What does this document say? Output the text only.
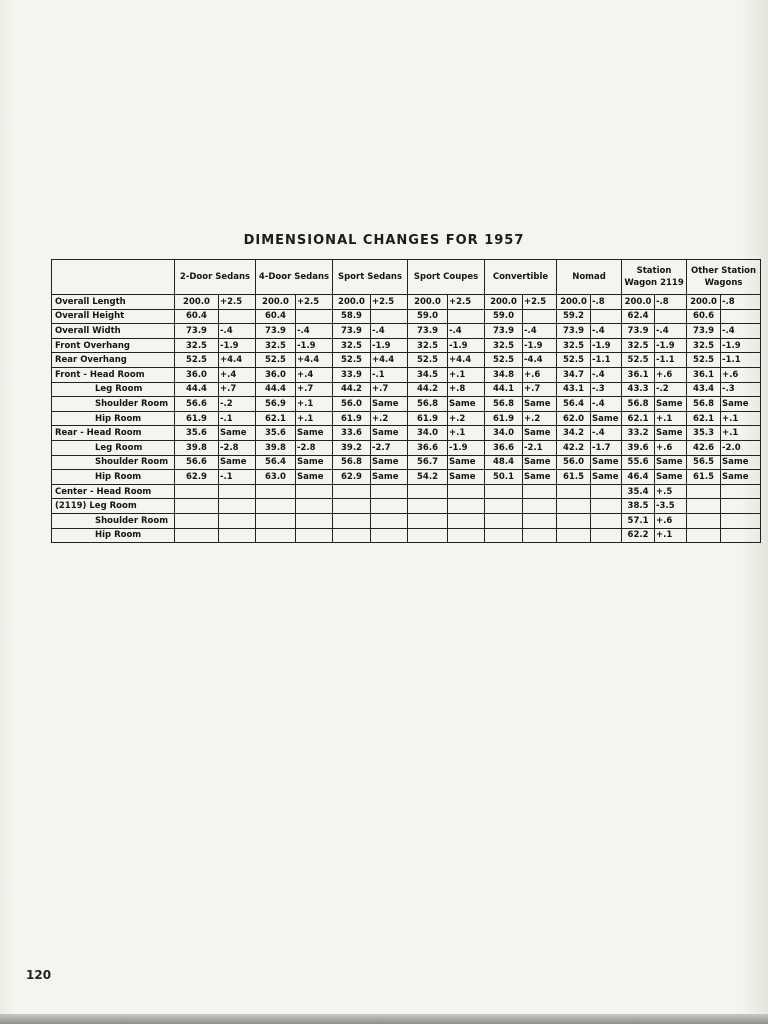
DIMENSIONAL CHANGES FOR 1957
	2-Door Sedans		4-Door Sedans		Sport Sedans		Sport Coupes		Convertible		Nomad		Station Wagon 2119		Other Station Wagons	
Overall Length	200.0	+2.5	200.0	+2.5	200.0	+2.5	200.0	+2.5	200.0	+2.5	200.0	-.8	200.0	-.8	200.0	-.8
Overall Height	60.4		60.4		58.9		59.0		59.0		59.2		62.4		60.6	
Overall Width	73.9	-.4	73.9	-.4	73.9	-.4	73.9	-.4	73.9	-.4	73.9	-.4	73.9	-.4	73.9	-.4
Front Overhang	32.5	-1.9	32.5	-1.9	32.5	-1.9	32.5	-1.9	32.5	-1.9	32.5	-1.9	32.5	-1.9	32.5	-1.9
Rear Overhang	52.5	+4.4	52.5	+4.4	52.5	+4.4	52.5	+4.4	52.5	-4.4	52.5	-1.1	52.5	-1.1	52.5	-1.1
Front - Head Room	36.0	+.4	36.0	+.4	33.9	-.1	34.5	+.1	34.8	+.6	34.7	-.4	36.1	+.6	36.1	+.6
Leg Room	44.4	+.7	44.4	+.7	44.2	+.7	44.2	+.8	44.1	+.7	43.1	-.3	43.3	-.2	43.4	-.3
Shoulder Room	56.6	-.2	56.9	+.1	56.0	Same	56.8	Same	56.8	Same	56.4	-.4	56.8	Same	56.8	Same
Hip Room	61.9	-.1	62.1	+.1	61.9	+.2	61.9	+.2	61.9	+.2	62.0	Same	62.1	+.1	62.1	+.1
Rear - Head Room	35.6	Same	35.6	Same	33.6	Same	34.0	+.1	34.0	Same	34.2	-.4	33.2	Same	35.3	+.1
Leg Room	39.8	-2.8	39.8	-2.8	39.2	-2.7	36.6	-1.9	36.6	-2.1	42.2	-1.7	39.6	+.6	42.6	-2.0
Shoulder Room	56.6	Same	56.4	Same	56.8	Same	56.7	Same	48.4	Same	56.0	Same	55.6	Same	56.5	Same
Hip Room	62.9	-.1	63.0	Same	62.9	Same	54.2	Same	50.1	Same	61.5	Same	46.4	Same	61.5	Same
Center - Head Room													35.4	+.5		
(2119) Leg Room													38.5	-3.5		
Shoulder Room													57.1	+.6		
Hip Room													62.2	+.1		
120
